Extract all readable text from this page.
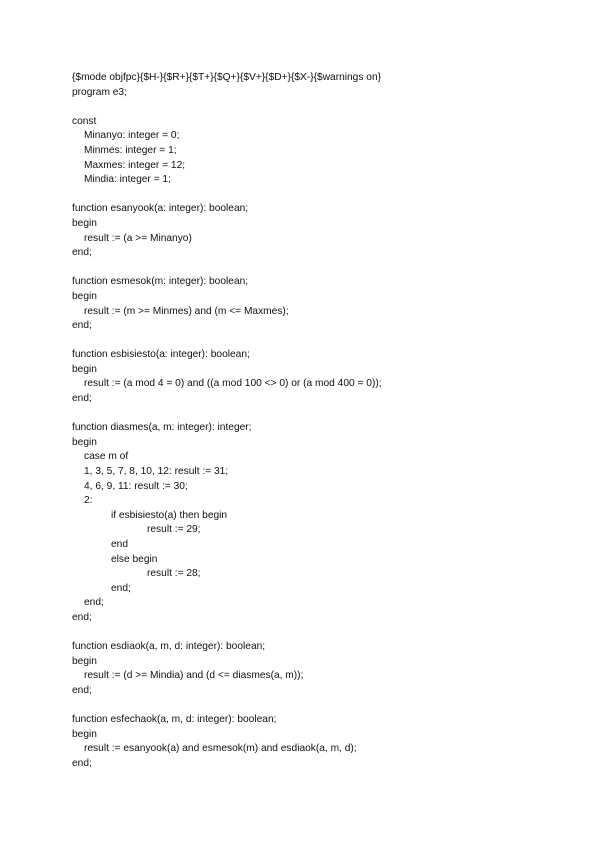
{$mode objfpc}{$H-}{$R+}{$T+}{$Q+}{$V+}{$D+}{$X-}{$warnings on}
program e3;
const
Minanyo: integer = 0;
Minmes: integer = 1;
Maxmes: integer = 12;
Mindia: integer = 1;
function esanyook(a: integer): boolean;
begin
result := (a >= Minanyo)
end;
function esmesok(m: integer): boolean;
begin
result := (m >= Minmes) and (m <= Maxmes);
end;
function esbisiesto(a: integer): boolean;
begin
result := (a mod 4 = 0) and ((a mod 100 <> 0) or (a mod 400 = 0));
end;
function diasmes(a, m: integer): integer;
begin
case m of
1, 3, 5, 7, 8, 10, 12: result := 31;
4, 6, 9, 11: result := 30;
2:
if esbisiesto(a) then begin
result := 29;
end
else begin
result := 28;
end;
end;
end;
function esdiaok(a, m, d: integer): boolean;
begin
result := (d >= Mindia) and (d <= diasmes(a, m));
end;
function esfechaok(a, m, d: integer): boolean;
begin
result := esanyook(a) and esmesok(m) and esdiaok(a, m, d);
end;
